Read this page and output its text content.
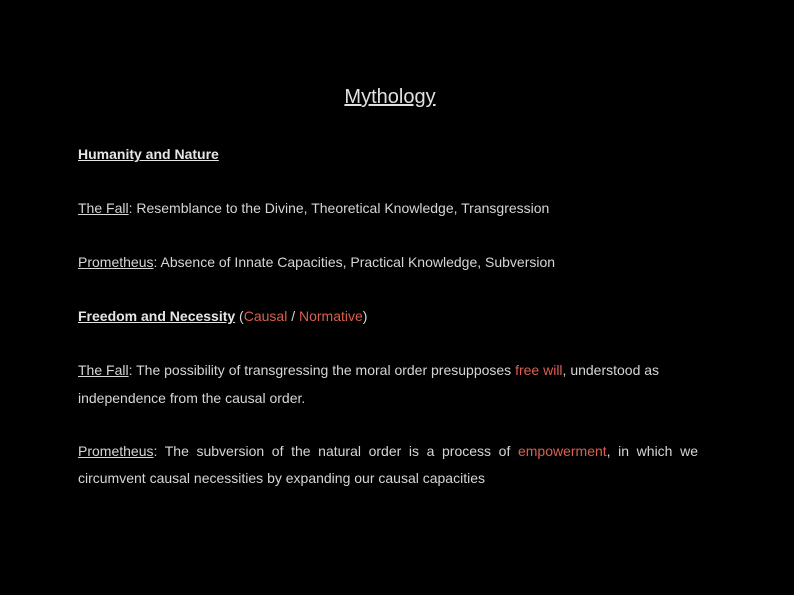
Mythology
Humanity and Nature
The Fall: Resemblance to the Divine, Theoretical Knowledge, Transgression
Prometheus: Absence of Innate Capacities, Practical Knowledge, Subversion
Freedom and Necessity (Causal / Normative)
The Fall: The possibility of transgressing the moral order presupposes free will, understood as
independence from the causal order.
Prometheus: The subversion of the natural order is a process of empowerment, in which we
circumvent causal necessities by expanding our causal capacities
